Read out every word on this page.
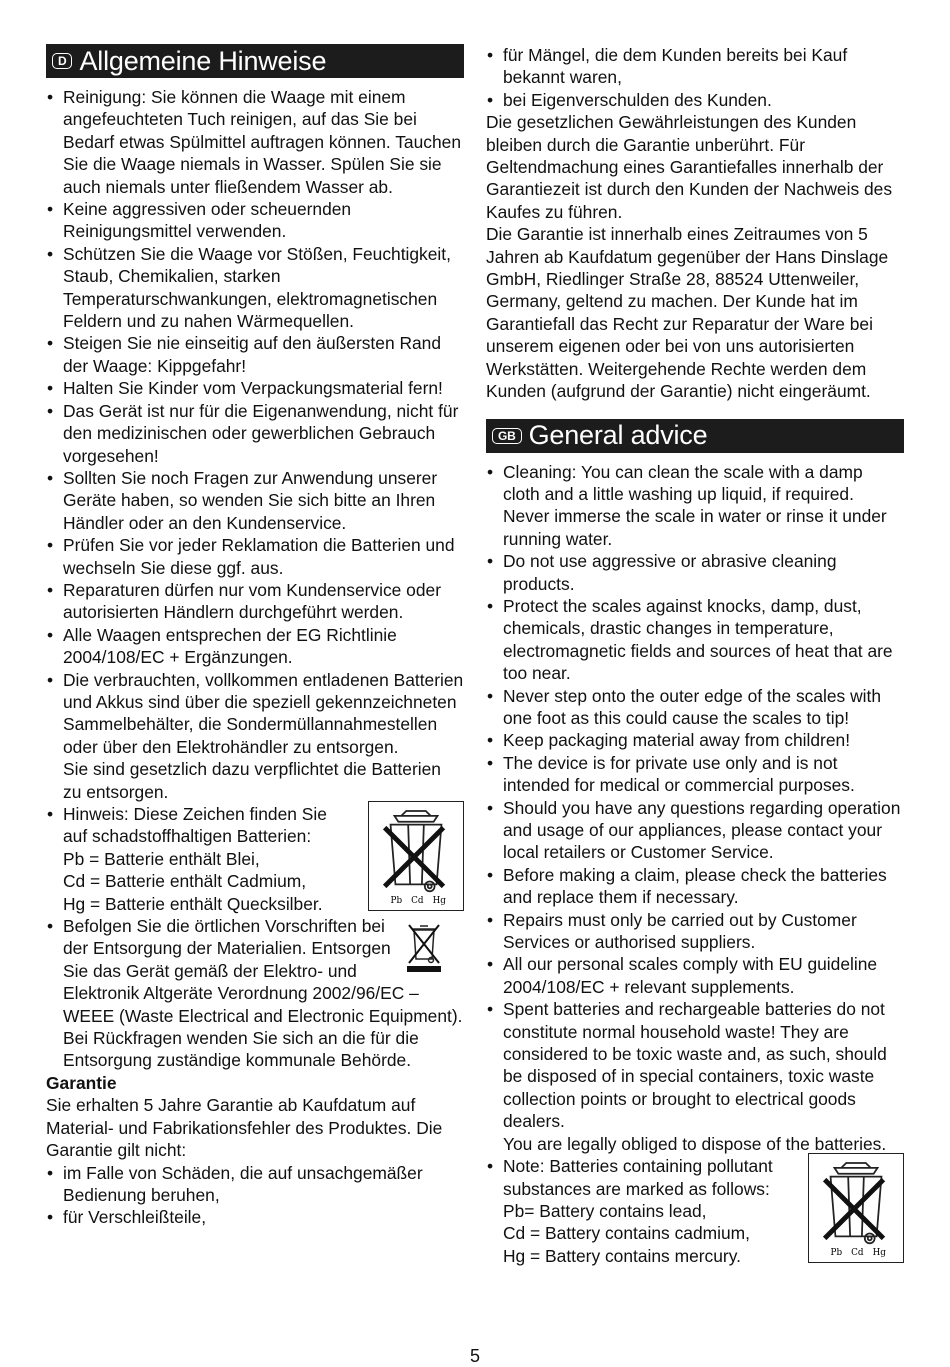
D Allgemeine Hinweise
• Reinigung: Sie können die Waage mit einem angefeuchteten Tuch reinigen, auf das Sie bei Bedarf etwas Spülmittel auftragen können. Tauchen Sie die Waage niemals in Wasser. Spülen Sie sie auch niemals unter fließendem Wasser ab.
• Keine aggressiven oder scheuernden Reinigungsmittel verwenden.
• Schützen Sie die Waage vor Stößen, Feuchtigkeit, Staub, Chemikalien, starken Temperaturschwankungen, elektromagnetischen Feldern und zu nahen Wärmequellen.
• Steigen Sie nie einseitig auf den äußersten Rand der Waage: Kippgefahr!
• Halten Sie Kinder vom Verpackungsmaterial fern!
• Das Gerät ist nur für die Eigenanwendung, nicht für den medizinischen oder gewerblichen Gebrauch vorgesehen!
• Sollten Sie noch Fragen zur Anwendung unserer Geräte haben, so wenden Sie sich bitte an Ihren Händler oder an den Kundenservice.
• Prüfen Sie vor jeder Reklamation die Batterien und wechseln Sie diese ggf. aus.
• Reparaturen dürfen nur vom Kundenservice oder autorisierten Händlern durchgeführt werden.
• Alle Waagen entsprechen der EG Richtlinie 2004/108/EC + Ergänzungen.
• Die verbrauchten, vollkommen entladenen Batterien und Akkus sind über die speziell gekennzeichneten Sammelbehälter, die Sondermüllannahmestellen oder über den Elektrohändler zu entsorgen.
Sie sind gesetzlich dazu verpflichtet die Batterien zu entsorgen.
• Pb Cd Hg
Hinweis: Diese Zeichen finden Sie
auf schadstoffhaltigen Batterien:
Pb = Batterie enthält Blei,
Cd = Batterie enthält Cadmium,
Hg = Batterie enthält Quecksilber.
• Befolgen Sie die örtlichen Vorschriften bei der Entsorgung der Materialien. Entsorgen Sie das Gerät gemäß der Elektro- und Elektronik Altgeräte Verordnung 2002/96/EC – WEEE (Waste Electrical and Electronic Equipment). Bei Rückfragen wenden Sie sich an die für die Entsorgung zuständige kommunale Behörde.

Garantie

Sie erhalten 5 Jahre Garantie ab Kaufdatum auf Material- und Fabrikationsfehler des Produktes. Die Garantie gilt nicht:

• im Falle von Schäden, die auf unsachgemäßer Bedienung beruhen,
• für Verschleißteile,
• für Mängel, die dem Kunden bereits bei Kauf bekannt waren,
• bei Eigenverschulden des Kunden.

Die gesetzlichen Gewährleistungen des Kunden bleiben durch die Garantie unberührt. Für Geltendmachung eines Garantiefalles innerhalb der Garantiezeit ist durch den Kunden der Nachweis des Kaufes zu führen.

Die Garantie ist innerhalb eines Zeitraumes von 5 Jahren ab Kaufdatum gegenüber der Hans Dinslage GmbH, Riedlinger Straße 28, 88524 Uttenweiler, Germany, geltend zu machen. Der Kunde hat im Garantiefall das Recht zur Reparatur der Ware bei unserem eigenen oder bei von uns autorisierten Werkstätten. Weitergehende Rechte werden dem Kunden (aufgrund der Garantie) nicht eingeräumt.

GB General advice
• Cleaning: You can clean the scale with a damp cloth and a little washing up liquid, if required. Never immerse the scale in water or rinse it under running water.
• Do not use aggressive or abrasive cleaning products.
• Protect the scales against knocks, damp, dust, chemicals, drastic changes in temperature, electromagnetic fields and sources of heat that are too near.
• Never step onto the outer edge of the scales with one foot as this could cause the scales to tip!
• Keep packaging material away from children!
• The device is for private use only and is not intended for medical or commercial purposes.
• Should you have any questions regarding operation and usage of our appliances, please contact your local retailers or Customer Service.
• Before making a claim, please check the batteries and replace them if necessary.
• Repairs must only be carried out by Customer Services or authorised suppliers.
• All our personal scales comply with EU guideline 2004/108/EC + relevant supplements.
• Spent batteries and rechargeable batteries do not constitute normal household waste! They are considered to be toxic waste and, as such, should be disposed of in special containers, toxic waste collection points or brought to electrical goods dealers.
You are legally obliged to dispose of the batteries.
• Pb Cd Hg
Note: Batteries containing pollutant
substances are marked as follows:
Pb= Battery contains lead,
Cd = Battery contains cadmium,
Hg = Battery contains mercury.
5
